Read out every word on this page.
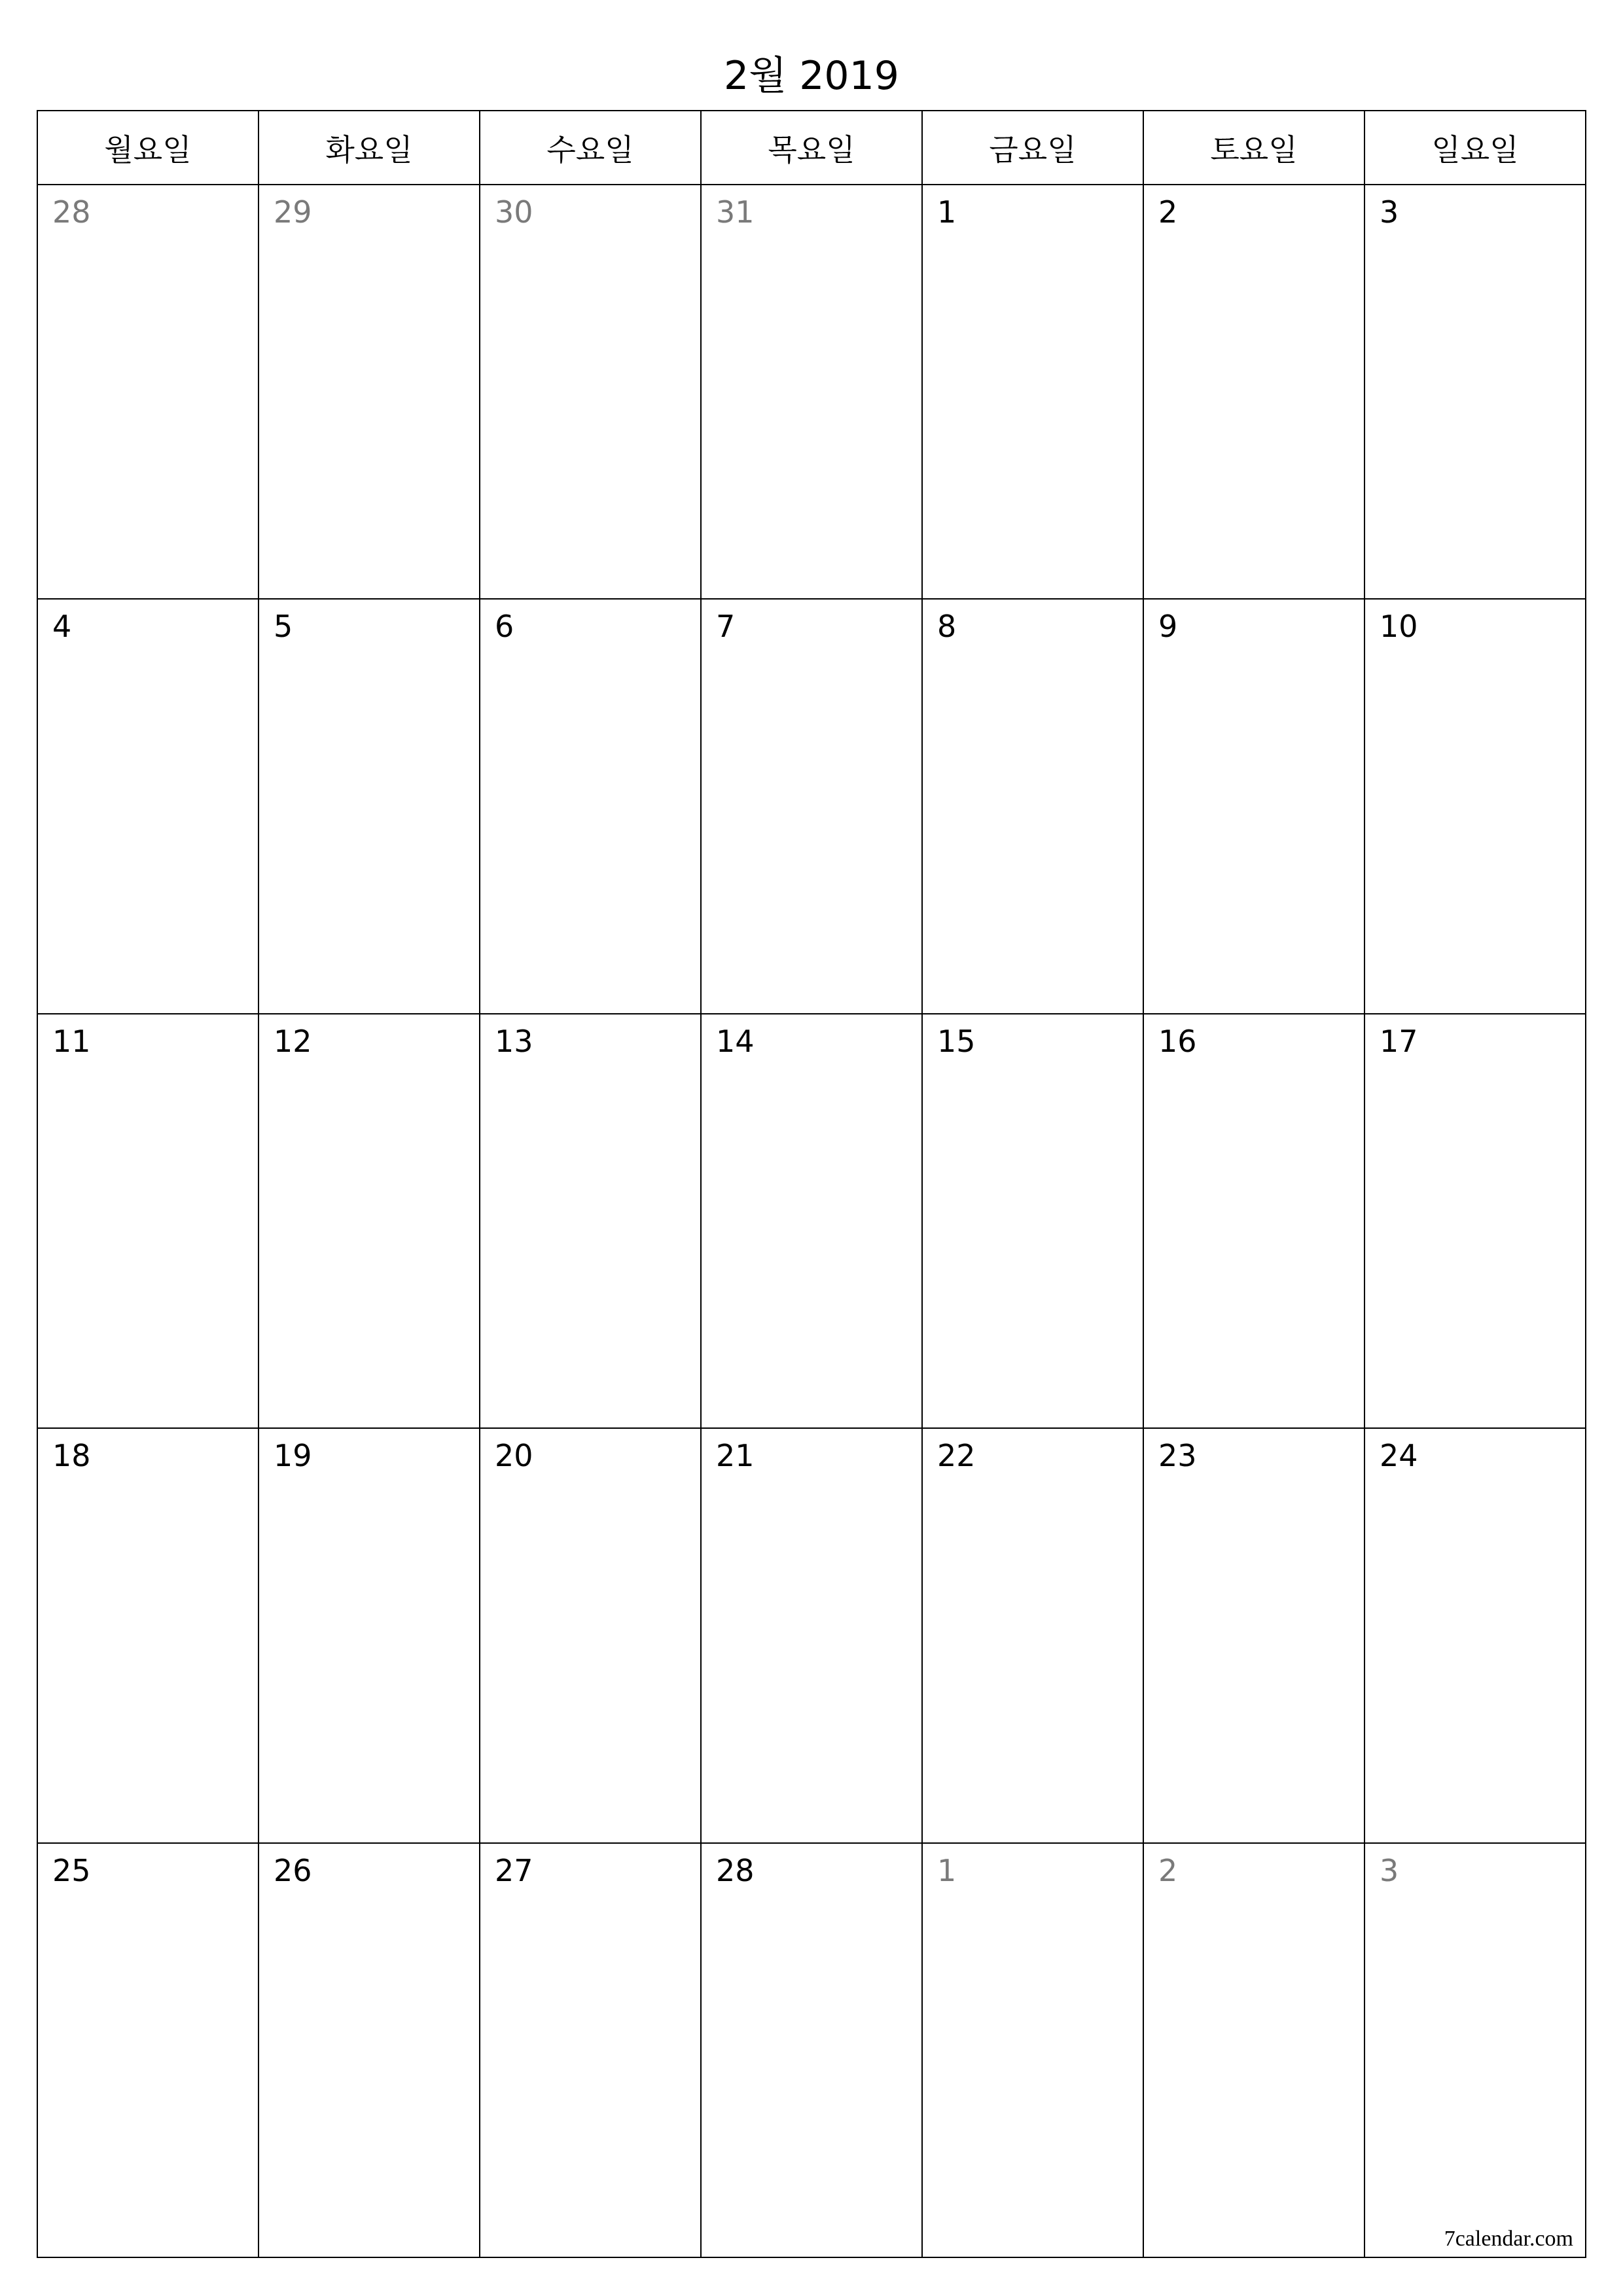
2월 2019
월요일	화요일	수요일	목요일	금요일	토요일	일요일
28	29	30	31	1	2	3
4	5	6	7	8	9	10
11	12	13	14	15	16	17
18	19	20	21	22	23	24
25	26	27	28	1	2	3
7calendar.com
